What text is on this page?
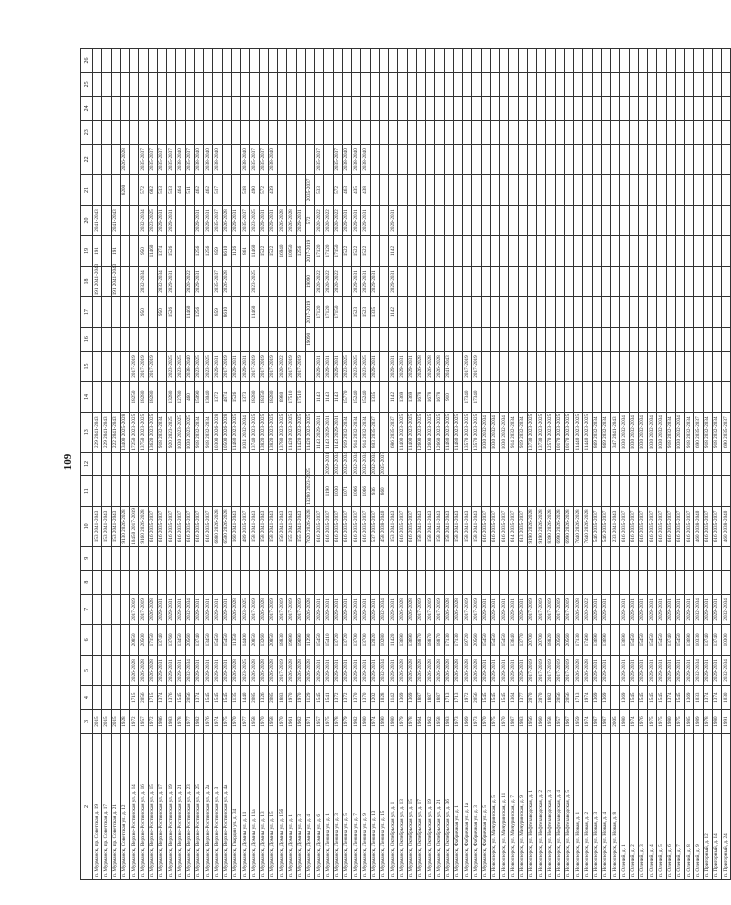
109
2	3	4	5	6	7	8	9	10	11	12	13	14	15	16	17	18	19	20	21	22	23	24	25	26
п. Мурманск, пр. Советская д. 19	2015							153 2041-2043			229 2041-2043					191 2041-2043	191	2041-2043						
п. Мурманск, пр. Советская д. 17	2015							153 2041-2043			229 2041-2043													
п. Мурманск, пр. Советская д. 21	2015							153 2041-2043			222 2041-2043					191 2041-2043	191	2041-2043						
п. Мурманск, Советская ул. д. 12	1928							9130 2026-2028			13400 2025-2028								8200	2026-2028				
п. Мурманск, Верхне-Ростинская ул. д. 14	1972	1715	2026-2028	20850	2017-2019			10450 2017-2019			17250 2023-2025	18250	2017-2019											
п. Мурманск, Верхне-Ростинская ул. д. 16	1957	2056	2026-2028	20500	2017-2019			9160 2026-2028			13750 2023-2025	18280	2017-2019		950	2032-2034	950	2032-2034	572	2035-2037				
п. Мурманск, Верхне-Ростинская ул. д. 15	1972	1715	2026-2028	17150	2026-2028			616 2035-2037			13620 2023-2025	18280	2017-2019				11460	2023-2025	682	2035-2037				
п. Мурманск, Верхне-Ростинская ул. д. 17	1986	1374	2029-2031	13740	2029-2031			616 2035-2037			918 2032-2034				950	2032-2034	1374	2029-2031	513	2035-2037				
п. Мурманск, Верхне-Ростинская ул. д. 19	1983	1376	2029-2031	13760	2029-2031			616 2035-2037			920 2023-2025	13280	2023-2025		1526	2029-2031	1526	2029-2031	513	2035-2037				
п. Мурманск, Верхне-Ростинская ул. д. 21	1978	1545	2029-2031	13450	2029-2031			616 2035-2037			1030 2023-2025	12780	2023-2025						464	2038-2040				
п. Мурманск, Верхне-Ростинская ул. д. 23	1977	2056	2032-2034	20560	2032-2034			616 2035-2037			1030 2023-2025	460	2038-2040		11460	2020-2022			511	2035-2037				
п. Мурманск, Верхне-Ростинская ул. д. 25	1982	1374	2029-2031	13740	2029-2031			616 2035-2037			918 2032-2034	15090	2023-2025		1256	2029-2031	1256	2029-2031	462	2038-2040				
п. Мурманск, Верхне-Ростинская ул. д. 2а	1976	1545	2029-2031	13450	2029-2031			616 2035-2037			918 2032-2034	13040	2023-2025				1256	2029-2031	462	2038-2040				
п. Мурманск, Верхне-Ростинская ул. д. 3	1974	1545	2029-2031	15450	2029-2031			6880 2026-2028			10300 2026-2028	1372	2029-2031		859	2035-2037	859	2035-2037	517	2038-2040				
п. Мурманск, Верхне-Ростинская ул. д. 4а	1975	1545	2029-2031	15450	2029-2031			6500 2026-2028			10500 2026-2028	4874	2017-2019		8610	2026-2028	8610	2026-2028						
п. Мурманск, Гвардии ул. д. 34	1970	1135	2026-2028	11350	2026-2028			160 2041-2043			11480 2023-2025	1526	2029-2031				1126	2029-2031						
п. Мурманск, Домны ул. д. 11	1977	1440	2023-2025	14400	2023-2025			489 2035-2037			1031 2032-2034	1373	2029-2031				861	2035-2037	518	2038-2040				
п. Мурманск, Домны ул. д. 11а	1958	2085	2026-2028	20850	2017-2019			158 2041-2043			13740 2023-2025	18280	2017-2019		11460	2023-2025	11460	2023-2025	490	2035-2037				
п. Мурманск, Домны ул. д. 13	1970	1326	2026-2028	13260	2026-2028			158 2041-2043			13820 2023-2025	18350	2017-2019				1522	2029-2031	572	2035-2037				
п. Мурманск, Домны ул. д. 15	1958	2085	2026-2028	20850	2017-2019			158 2041-2043			13820 2023-2025	18280	2017-2019				1522	2029-2031	439	2038-2040				
п. Мурманск, Домны ул. д. 15б	1970	1883	2017-2019	18830	2017-2019			156 2041-2043			13780 2023-2025	6980	2020-2022				16940	2026-2028						
п. Мурманск, Домны ул. д. 1	1961	1970	2026-2028	19690	2017-2019			155 2041-2043			11420 2023-2025	17510	2017-2019				10950	2026-2028						
п. Мурманск, Домны ул. д. 3	1962	1970	2026-2028	19690	2017-2019			155 2041-2043			11420 2023-2025	17510	2017-2019				1256	2029-2031						
п. Мурманск, Домны ул. д. 4	1971	1129	2026-2028	11290	2026-2028			7620 2026-2028	13280 2023-2025		11420 2023-2025			19090	2017-2019	19090	2017-2019	572	2035-2037					
п. Мурманск, Домны ул. д. 6	1957	1545	2029-2031	15450	2029-2031			616 2035-2037			1143 2029-2031	1143	2029-2031		17120	2020-2022	17120	2020-2022	533	2035-2037				
п. Мурманск, Ленина ул. д. 1	1975	1541	2029-2031	15410	2029-2031			616 2035-2037	1190	2029-2031	1143 2029-2031	1143	2029-2031		17120	2020-2022	17120	2020-2022						
п. Мурманск, Ленина ул. д. 3	1978	1372	2029-2031	13720	2029-2031			616 2035-2037	1030	2032-2034	1143 2029-2031	1143	2029-2031		17150	2020-2022	17150	2020-2022	572	2035-2037				
п. Мурманск, Ленина ул. д. 5	1979	1372	2029-2031	13720	2029-2031			616 2035-2037	1071	2032-2034	919 2032-2034	15770	2023-2025				1522	2029-2031	463	2038-2040				
п. Мурманск, Ленина ул. д. 7	1982	1370	2029-2031	13700	2029-2031			616 2035-2037	1066	2032-2034	914 2032-2034	15240	2023-2025		1523	2029-2031	1522	2029-2031	435	2038-2040				
п. Мурманск, Ленина ул. д. 9	1980	1370	2029-2031	13700	2029-2031			616 2035-2037	1066	2032-2034	914 2032-2034	15240	2023-2025		1523	2029-2031	1522	2029-2031	438	2038-2040				
п. Мурманск, Ленина ул. д. 13	1974	1202	2029-2031	12020	2029-2031			537 2035-2037	936	2032-2034	803 2035-2037	1335	2029-2031		1335	2029-2031								
п. Мурманск, Ленина ул. д. 15	1990	1028	2032-2034	10280	2032-2034			458 2038-2040	860	2035-2037														
п. Мурманск, Октябрьская ул. д. 1	1980	1142	2029-2031	11420	2029-2031			153 2041-2043			686 2035-2037	1142	2029-2031		1142	2029-2031	1142	2029-2031						
п. Мурманск, Октябрьская ул. д. 13	1979	1369	2026-2028	13690	2026-2028			616 2035-2037			11400 2023-2025	1369	2029-2031											
п. Мурманск, Октябрьская ул. д. 15	1978	1369	2026-2028	13690	2026-2028			616 2035-2037			11400 2023-2025	1369	2029-2031											
п. Мурманск, Октябрьская ул. д. 17	1964	1887	2026-2028	18870	2017-2019			158 2041-2043			12600 2023-2025	1678	2026-2028											
п. Мурманск, Октябрьская ул. д. 19	1962	1887	2026-2028	18870	2017-2019			158 2041-2043			12600 2023-2025	1678	2026-2028											
п. Мурманск, Октябрьская ул. д. 21	1958	1887	2026-2028	18870	2017-2019			158 2041-2043			12660 2023-2025	1678	2026-2028											
п. Мурманск, Октябрьская ул. д. 3б	1983	1713	2026-2028	17130	2026-2028			158 2041-2043			11480 2023-2025	910	2041-2043											
п. Мурманск, Фабричная ул. д. 1	1973	1713	2026-2028	17130	2026-2028			158 2041-2043			11480 2023-2025													
п. Мурманск, Фабричная ул. д. 1а	1969	1972	2026-2028	19720	2017-2019			158 2041-2043			13570 2023-2025	17340	2017-2019											
п. Мурманск, Фабричная ул. д. 3	1973	2056	2026-2028	20560	2017-2019			158 2041-2043			13570 2023-2025	17340	2017-2019											
п. Мурманск, Фабричная ул. д. 5	1970	1545	2029-2031	15450	2029-2031			616 2035-2037			1030 2032-2034													
п. Новоозерск, ул. Мичуринская, д. 5	1975	1545	2029-2031	15450	2029-2031			616 2035-2037			1030 2032-2034													
п. Новоозерск, ул. Мичуринская, д. 11	1970	1545	2029-2031	15450	2029-2031			616 2035-2037			1030 2032-2034													
п. Новоозерск, ул. Мичуринская, д. 7	1987	1364	2029-2031	13640	2029-2031			614 2035-2037			914 2032-2034													
п. Новоозерск, ул. Мичуринская, д. 9	1983	1377	2029-2031	13770	2029-2031			613 2035-2037			919 2032-2034													
п. Новоозерск, ул. Нефтезаводская, д. 1	1956	2070	2017-2019	20700	2017-2019			9190 2026-2028			13730 2023-2025													
п. Новоозерск, ул. Нефтезаводская, д. 2	1960	2070	2017-2019	20700	2017-2019			9190 2026-2028			13730 2023-2025													
п. Новоозерск, ул. Нефтезаводская, д. 3	1958	1882	2017-2019	18820	2017-2019			8390 2026-2028			12570 2023-2025													
п. Новоозерск, ул. Нефтезаводская, д. 4	1957	2056	2017-2019	20560	2017-2019			6990 2026-2028			10170 2023-2025													
п. Новоозерск, ул. Нефтезаводская, д. 5	1967	2056	2017-2019	20560	2017-2019			6990 2026-2028			10170 2023-2025													
п. Новоозерск, ул. Новая, д. 1	1959	1713	2026-2028	17130	2026-2028			7640 2026-2028			11440 2023-2025													
п. Новоозерск, ул. Новая, д. 2	1974	1974	2026-2028	17490	2020-2022			7640 2026-2028			11440 2023-2025													
п. Новоозерск, ул. Новая, д. 3	1987	1369	2029-2031	13690	2029-2031			546 2035-2037			869 2032-2034													
п. Новоозерск, ул. Новая, д. 4	1987	1369	2029-2031	13690	2029-2031			546 2035-2037			869 2032-2034													
п. Новоозерск, ул. Новая, д. 8	2005							233 2041-2043			347 2041-2043													
п. Олений, д. 1	1980	1369	2029-2031	13690	2029-2031			616 2035-2037			1030 2032-2034													
п. Олений, д. 2	1974	1545	2029-2031	15450	2029-2031			616 2035-2037			1030 2032-2034													
п. Олений, д. 3	1976	1545	2029-2031	15450	2029-2031			616 2035-2037			1030 2032-2034													
п. Олений, д. 4	1975	1545	2029-2031	15450	2029-2031			616 2035-2037			1030 2032-2034													
п. Олений, д. 5	1975	1545	2029-2031	15450	2029-2031			616 2035-2037			1030 2032-2034													
п. Олений, д. 6	1980	1374	2029-2031	13740	2029-2031			616 2035-2037			918 2032-2034													
п. Олений, д. 7	1975	1545	2029-2031	15450	2029-2031			616 2035-2037			1030 2032-2034													
п. Олений, д. 8	1985	1369	2029-2031	13690	2029-2031			616 2035-2037			918 2032-2034													
п. Олений, д. 9	1989	1033	2032-2034	10330	2032-2034			460 2038-2040			690 2035-2037													
п. Пригорный, д. 12	1978	1374	2029-2031	13740	2029-2031			616 2035-2037			918 2032-2034													
п. Пригорный, д. 14	1980	1374	2029-2031	13740	2029-2031			616 2035-2037			918 2032-2034													
п. Пригорный, д. 24	1991	1030	2032-2034	10300	2032-2034			460 2038-2040			690 2035-2037													
